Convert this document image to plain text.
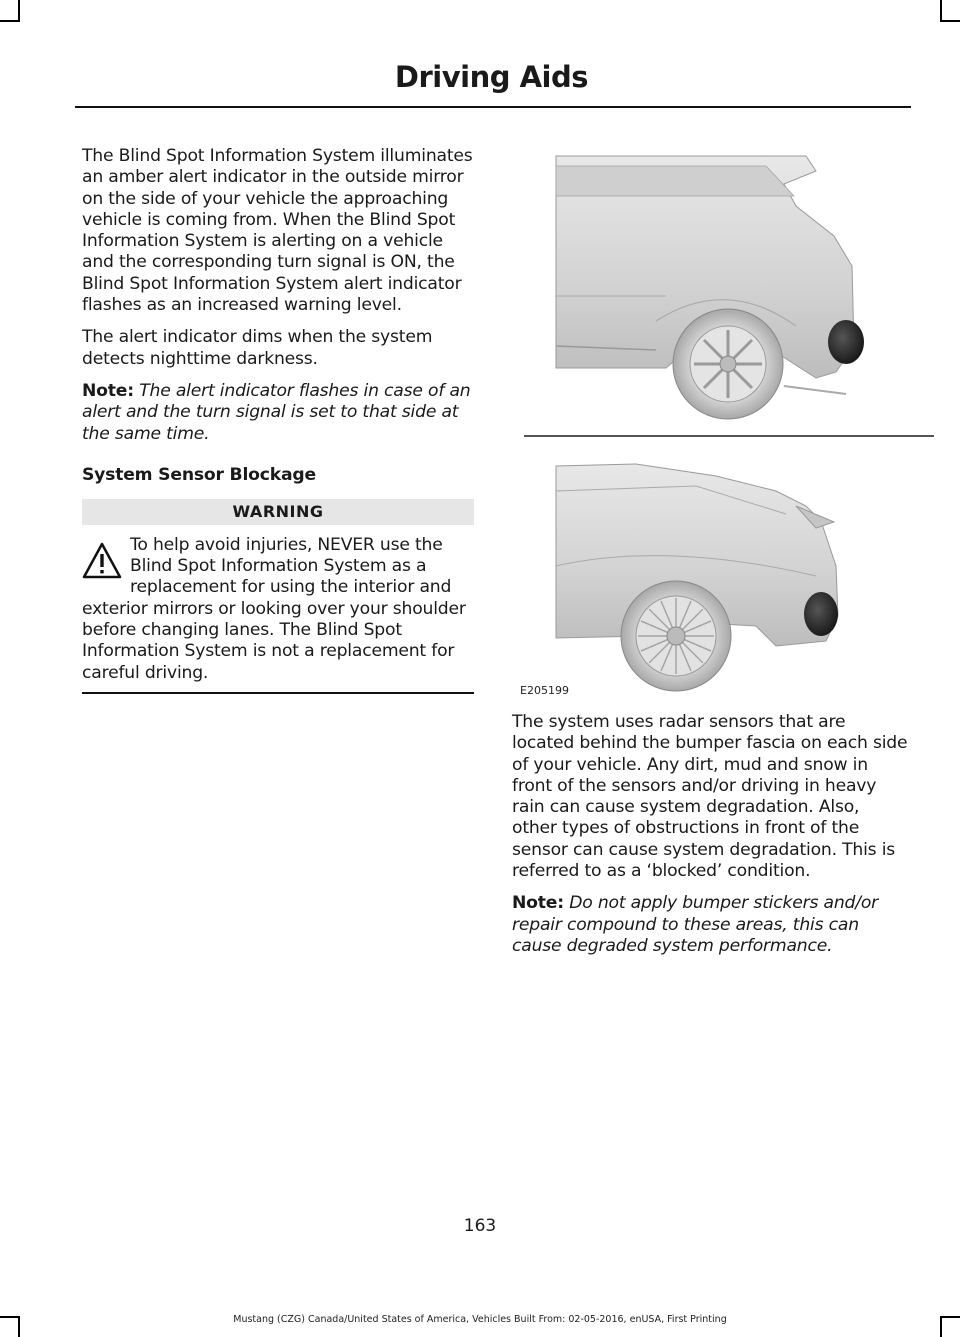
Driving Aids

The Blind Spot Information System illuminates an amber alert indicator in the outside mirror on the side of your vehicle the approaching vehicle is coming from. When the Blind Spot Information System is alerting on a vehicle and the corresponding turn signal is ON, the Blind Spot Information System alert indicator flashes as an increased warning level.

The alert indicator dims when the system detects nighttime darkness.

Note: The alert indicator flashes in case of an alert and the turn signal is set to that side at the same time.

System Sensor Blockage
WARNING
To help avoid injuries, NEVER use the Blind Spot Information System as a replacement for using the interior and exterior mirrors or looking over your shoulder before changing lanes. The Blind Spot Information System is not a replacement for careful driving.
E205199

The system uses radar sensors that are located behind the bumper fascia on each side of your vehicle. Any dirt, mud and snow in front of the sensors and/or driving in heavy rain can cause system degradation. Also, other types of obstructions in front of the sensor can cause system degradation. This is referred to as a ‘blocked’ condition.

Note: Do not apply bumper stickers and/or repair compound to these areas, this can cause degraded system performance.

163
Mustang (CZG) Canada/United States of America, Vehicles Built From: 02-05-2016, enUSA, First Printing
